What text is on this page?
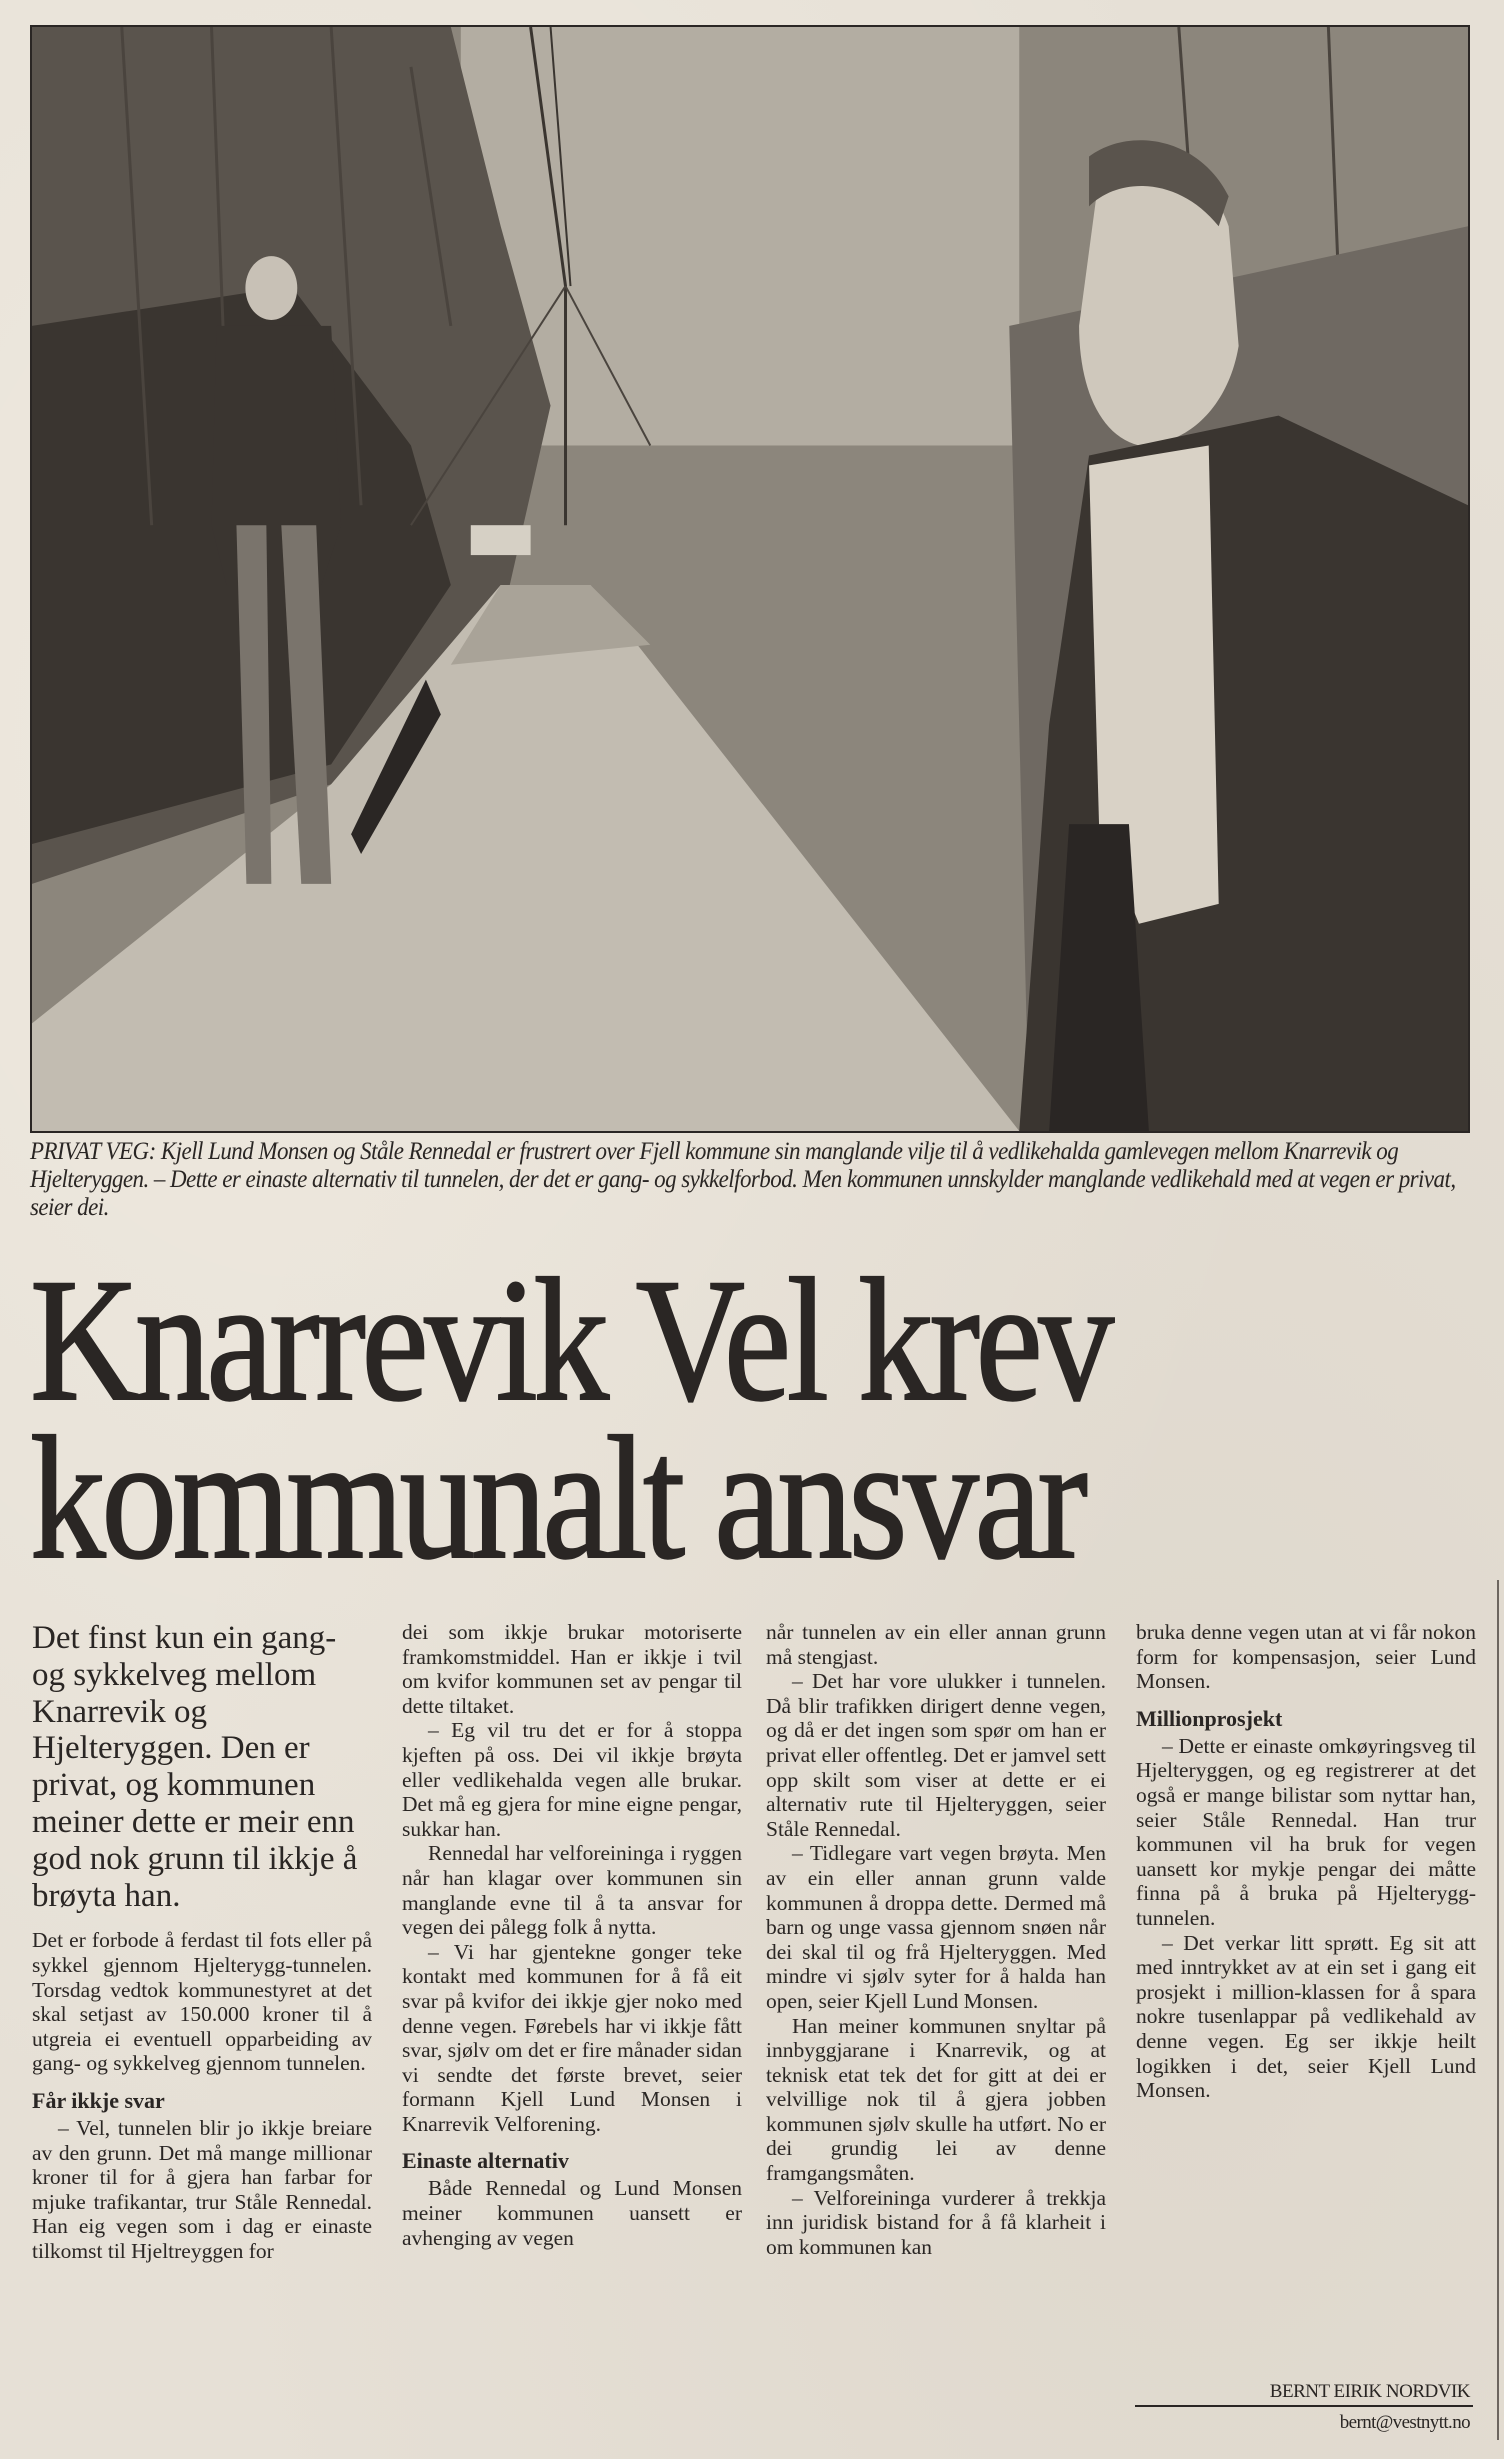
PRIVAT VEG: Kjell Lund Monsen og Ståle Rennedal er frustrert over Fjell kommune sin manglande vilje til å vedlikehalda gamlevegen mellom Knarrevik og Hjelteryggen. – Dette er einaste alternativ til tunnelen, der det er gang- og sykkelforbod. Men kommunen unnskylder manglande vedlikehald med at vegen er privat, seier dei.
Knarrevik Vel krev
kommunalt ansvar

Det finst kun ein gang- og sykkelveg mellom Knarrevik og Hjelteryggen. Den er privat, og kommunen meiner dette er meir enn god nok grunn til ikkje å brøyta han.

Det er forbode å ferdast til fots eller på sykkel gjennom Hjelterygg-tunnelen. Torsdag vedtok kommunestyret at det skal setjast av 150.000 kroner til å utgreia ei eventuell opparbeiding av gang- og sykkelveg gjennom tunnelen.

Får ikkje svar

– Vel, tunnelen blir jo ikkje breiare av den grunn. Det må mange millionar kroner til for å gjera han farbar for mjuke trafikantar, trur Ståle Rennedal. Han eig vegen som i dag er einaste tilkomst til Hjeltreyggen for

dei som ikkje brukar motoriserte framkomstmiddel. Han er ikkje i tvil om kvifor kommunen set av pengar til dette tiltaket.

– Eg vil tru det er for å stoppa kjeften på oss. Dei vil ikkje brøyta eller vedlikehalda vegen alle brukar. Det må eg gjera for mine eigne pengar, sukkar han.

Rennedal har velforeininga i ryggen når han klagar over kommunen sin manglande evne til å ta ansvar for vegen dei pålegg folk å nytta.

– Vi har gjentekne gonger teke kontakt med kommunen for å få eit svar på kvifor dei ikkje gjer noko med denne vegen. Førebels har vi ikkje fått svar, sjølv om det er fire månader sidan vi sendte det første brevet, seier formann Kjell Lund Monsen i Knarrevik Velforening.

Einaste alternativ

Både Rennedal og Lund Monsen meiner kommunen uansett er avhenging av vegen

når tunnelen av ein eller annan grunn må stengjast.

– Det har vore ulukker i tunnelen. Då blir trafikken dirigert denne vegen, og då er det ingen som spør om han er privat eller offentleg. Det er jamvel sett opp skilt som viser at dette er ei alternativ rute til Hjelteryggen, seier Ståle Rennedal.

– Tidlegare vart vegen brøyta. Men av ein eller annan grunn valde kommunen å droppa dette. Dermed må barn og unge vassa gjennom snøen når dei skal til og frå Hjelteryggen. Med mindre vi sjølv syter for å halda han open, seier Kjell Lund Monsen.

Han meiner kommunen snyltar på innbyggjarane i Knarrevik, og at teknisk etat tek det for gitt at dei er velvillige nok til å gjera jobben kommunen sjølv skulle ha utført. No er dei grundig lei av denne framgangsmåten.

– Velforeininga vurderer å trekkja inn juridisk bistand for å få klarheit i om kommunen kan

bruka denne vegen utan at vi får nokon form for kompensasjon, seier Lund Monsen.

Millionprosjekt

– Dette er einaste omkøyringsveg til Hjelteryggen, og eg registrerer at det også er mange bilistar som nyttar han, seier Ståle Rennedal. Han trur kommunen vil ha bruk for vegen uansett kor mykje pengar dei måtte finna på å bruka på Hjelterygg-tunnelen.

– Det verkar litt sprøtt. Eg sit att med inntrykket av at ein set i gang eit prosjekt i million-klassen for å spara nokre tusenlappar på vedlikehald av denne vegen. Eg ser ikkje heilt logikken i det, seier Kjell Lund Monsen.

BERNT EIRIK NORDVIK
bernt@vestnytt.no
